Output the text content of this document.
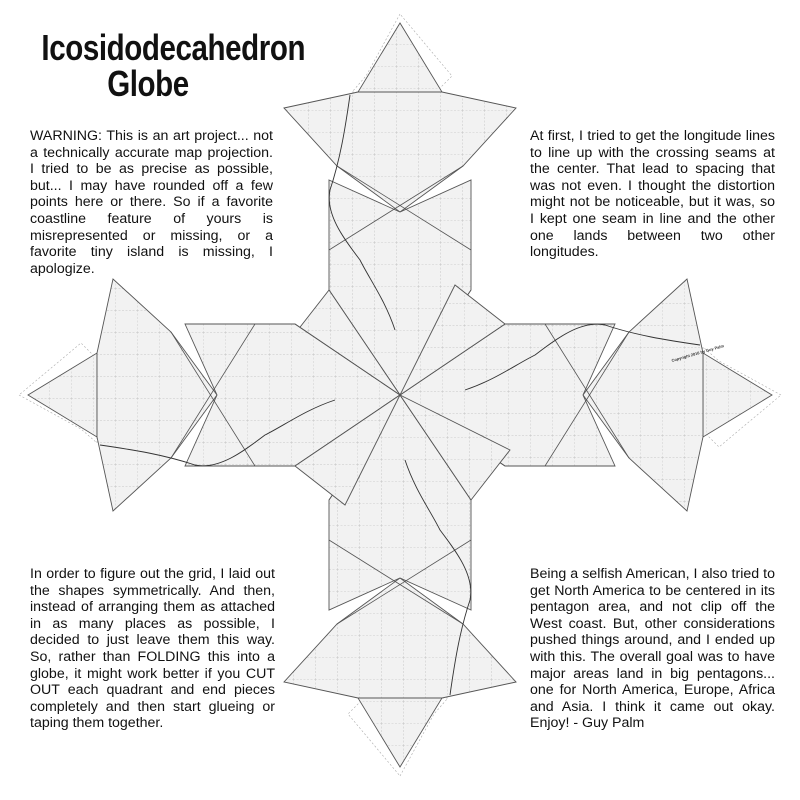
Copyright 2016 by Guy Palm
Icosidodecahedron
Globe
WARNING: This is an art project... not a technically accurate map projection. I tried to be as precise as possible, but... I may have rounded off a few points here or there. So if a favorite coastline feature of yours is misrepresented or missing, or a favorite tiny island is missing, I apologize.
At first, I tried to get the longitude lines to line up with the crossing seams at the center. That lead to spacing that was not even. I thought the distortion might not be noticeable, but it was, so I kept one seam in line and the other one lands between two other longitudes.
In order to figure out the grid, I laid out the shapes symmetrically. And then, instead of arranging them as attached in as many places as possible, I decided to just leave them this way. So, rather than FOLDING this into a globe, it might work better if you CUT OUT each quadrant and end pieces completely and then start glueing or taping them together.
Being a selfish American, I also tried to get North America to be centered in its pentagon area, and not clip off the West coast. But, other considerations pushed things around, and I ended up with this. The overall goal was to have major areas land in big pentagons... one for North America, Europe, Africa and Asia. I think it came out okay. Enjoy! - Guy Palm
